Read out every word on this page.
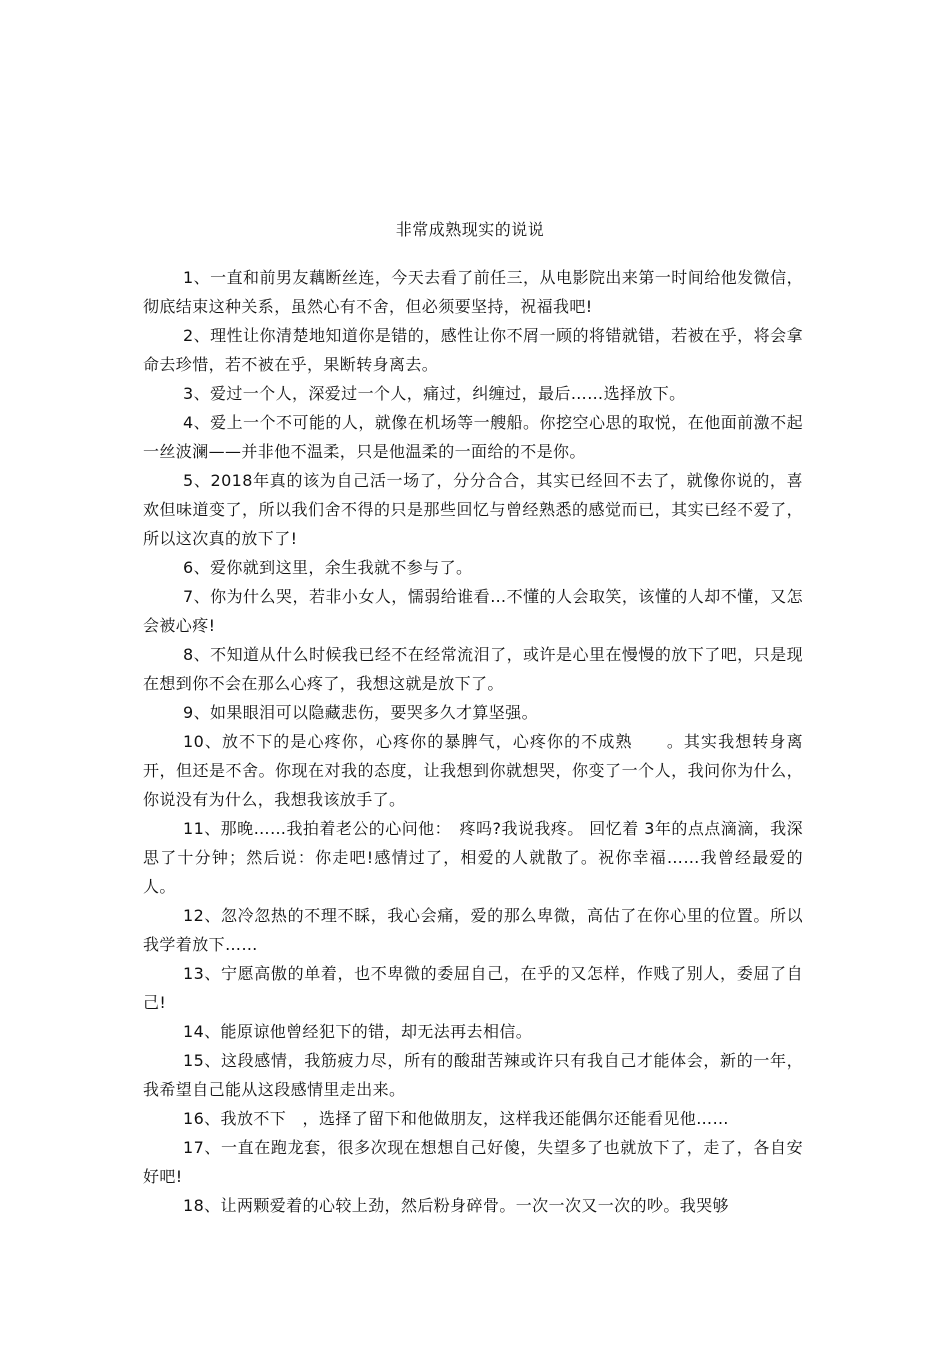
非常成熟现实的说说

1、一直和前男友藕断丝连，今天去看了前任三，从电影院出来第一时间给他发微信，彻底结束这种关系，虽然心有不舍，但必须要坚持，祝福我吧!

2、理性让你清楚地知道你是错的，感性让你不屑一顾的将错就错，若被在乎，将会拿命去珍惜，若不被在乎，果断转身离去。

3、爱过一个人，深爱过一个人，痛过，纠缠过，最后……选择放下。

4、爱上一个不可能的人，就像在机场等一艘船。你挖空心思的取悦，在他面前激不起一丝波澜——并非他不温柔，只是他温柔的一面给的不是你。

5、2018年真的该为自己活一场了，分分合合，其实已经回不去了，就像你说的，喜欢但味道变了，所以我们舍不得的只是那些回忆与曾经熟悉的感觉而已，其实已经不爱了，所以这次真的放下了!

6、爱你就到这里，余生我就不参与了。

7、你为什么哭，若非小女人，懦弱给谁看…不懂的人会取笑，该懂的人却不懂，又怎会被心疼!

8、不知道从什么时候我已经不在经常流泪了，或许是心里在慢慢的放下了吧，只是现在想到你不会在那么心疼了，我想这就是放下了。

9、如果眼泪可以隐藏悲伤，要哭多久才算坚强。

10、放不下的是心疼你，心疼你的暴脾气，心疼你的不成熟　　。其实我想转身离开，但还是不舍。你现在对我的态度，让我想到你就想哭，你变了一个人，我问你为什么，你说没有为什么，我想我该放手了。

11、那晚……我拍着老公的心问他：　疼吗?我说我疼。 回忆着 3年的点点滴滴，我深思了十分钟；然后说：你走吧!感情过了，相爱的人就散了。祝你幸福……我曾经最爱的人。

12、忽冷忽热的不理不睬，我心会痛，爱的那么卑微，高估了在你心里的位置。所以我学着放下……

13、宁愿高傲的单着，也不卑微的委屈自己，在乎的又怎样，作贱了别人，委屈了自己!

14、能原谅他曾经犯下的错，却无法再去相信。

15、这段感情，我筋疲力尽，所有的酸甜苦辣或许只有我自己才能体会，新的一年，我希望自己能从这段感情里走出来。

16、我放不下　，选择了留下和他做朋友，这样我还能偶尔还能看见他……

17、一直在跑龙套，很多次现在想想自己好傻，失望多了也就放下了，走了，各自安好吧!

18、让两颗爱着的心较上劲，然后粉身碎骨。一次一次又一次的吵。我哭够
